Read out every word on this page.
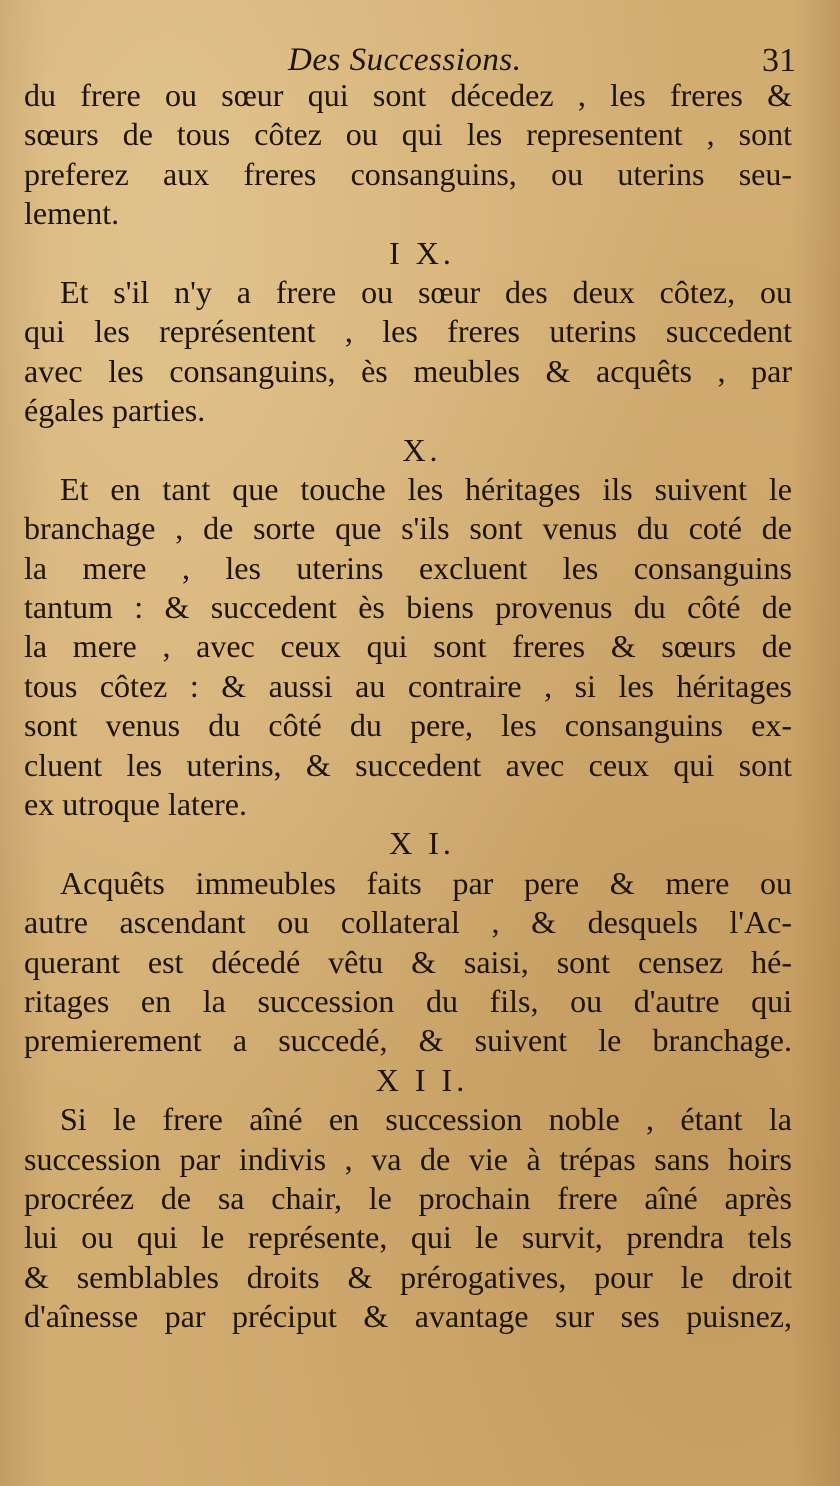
Des Successions.	31
du frere ou sœur qui sont décedez , les freres &
sœurs de tous côtez ou qui les representent , sont
preferez aux freres consanguins, ou uterins seu-
lement.
I X.
Et s'il n'y a frere ou sœur des deux côtez, ou
qui les représentent , les freres uterins succedent
avec les consanguins, ès meubles & acquêts , par
égales parties.
X.
Et en tant que touche les héritages ils suivent le
branchage , de sorte que s'ils sont venus du coté de
la mere , les uterins excluent les consanguins
tantum : & succedent ès biens provenus du côté de
la mere , avec ceux qui sont freres & sœurs de
tous côtez : & aussi au contraire , si les héritages
sont venus du côté du pere, les consanguins ex-
cluent les uterins, & succedent avec ceux qui sont
ex utroque latere.
X I.
Acquêts immeubles faits par pere & mere ou
autre ascendant ou collateral , & desquels l'Ac-
querant est décedé vêtu & saisi, sont censez hé-
ritages en la succession du fils, ou d'autre qui
premierement a succedé, & suivent le branchage.
X I I.
Si le frere aîné en succession noble , étant la
succession par indivis , va de vie à trépas sans hoirs
procréez de sa chair, le prochain frere aîné après
lui ou qui le représente, qui le survit, prendra tels
& semblables droits & prérogatives, pour le droit
d'aînesse par préciput & avantage sur ses puisnez,
